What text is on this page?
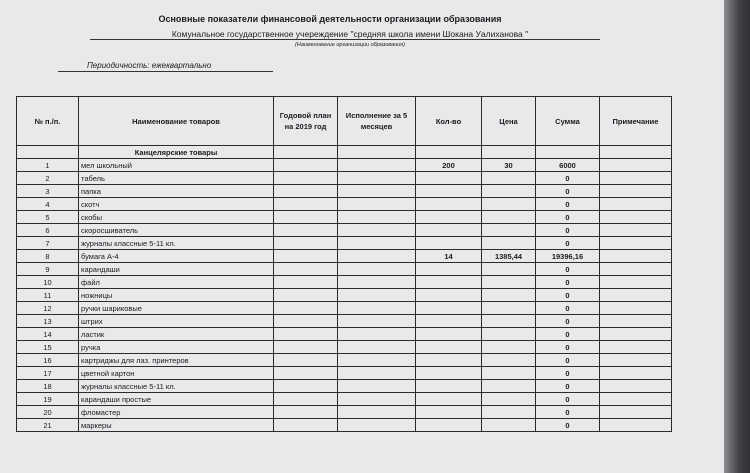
Основные показатели финансовой деятельности организации образования
Комунальное государственное учереждение "средняя школа имени Шокана Уалиханова "
(Наименование организации образования)
Периодичность: ежеквартально
№ п./п.	Наименование товаров	Годовой план на 2019 год	Исполнение за 5 месяцев	Кол-во	Цена	Сумма	Примечание
	Канцелярские товары						
1	мел школьный			200	30	6000	
2	табель					0	
3	папка					0	
4	скотч					0	
5	скобы					0	
6	скоросшиватель					0	
7	журналы классные 5-11 кл.					0	
8	бумага А-4			14	1385,44	19396,16	
9	карандаши					0	
10	файл					0	
11	ножницы					0	
12	ручки шариковые					0	
13	штрих					0	
14	ластик					0	
15	ручка					0	
16	картриджы для лаз. принтеров					0	
17	цветной картон					0	
18	журналы классные 5-11 кл.					0	
19	карандаши простые					0	
20	фломастер					0	
21	маркеры					0	
